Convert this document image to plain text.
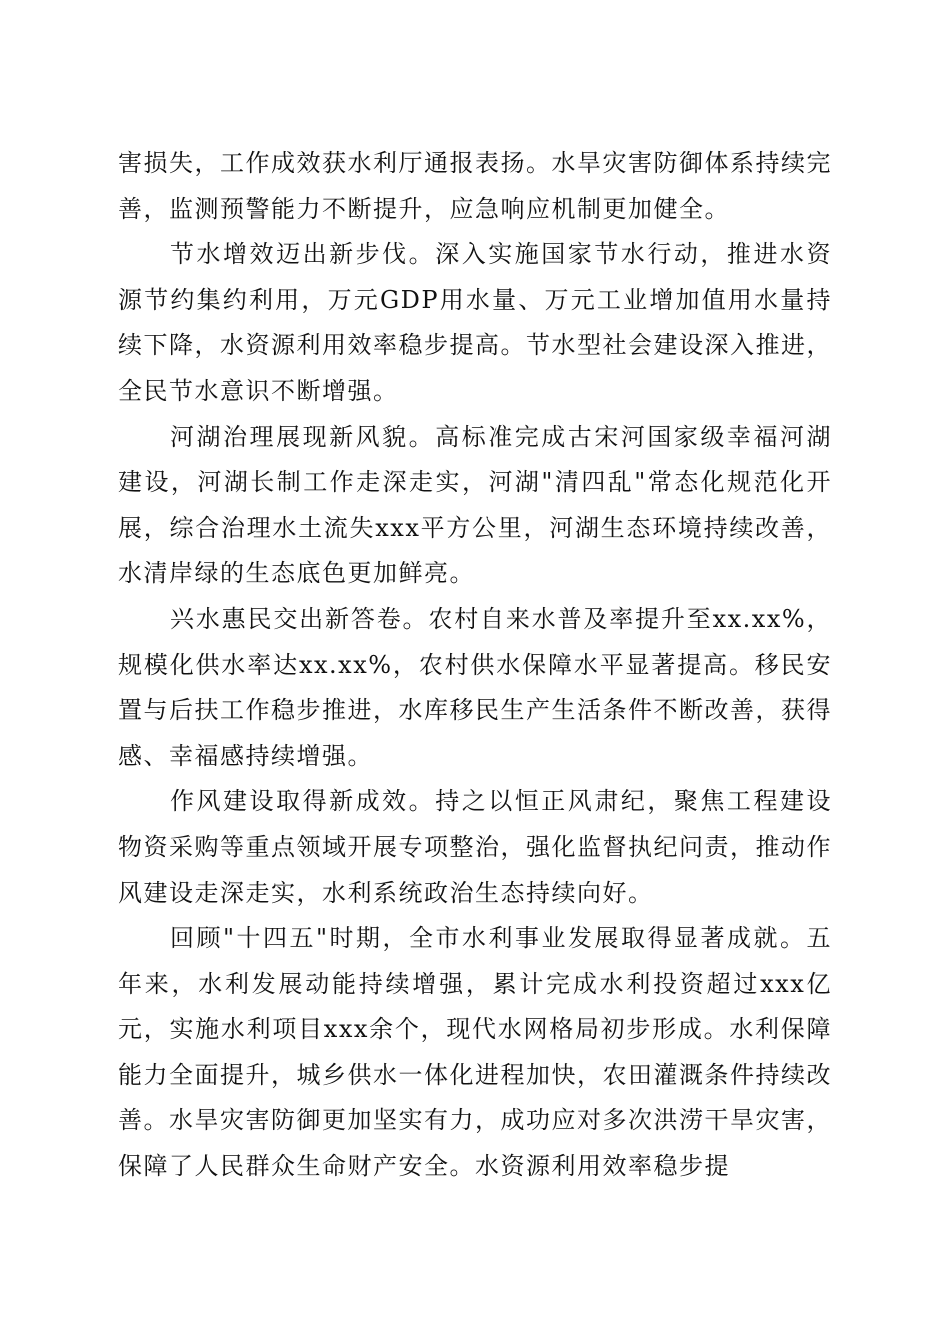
害损失，工作成效获水利厅通报表扬。水旱灾害防御体系持续完善，监测预警能力不断提升，应急响应机制更加健全。

节水增效迈出新步伐。深入实施国家节水行动，推进水资源节约集约利用，万元GDP用水量、万元工业增加值用水量持续下降，水资源利用效率稳步提高。节水型社会建设深入推进，全民节水意识不断增强。

河湖治理展现新风貌。高标准完成古宋河国家级幸福河湖建设，河湖长制工作走深走实，河湖"清四乱"常态化规范化开展，综合治理水土流失xxx平方公里，河湖生态环境持续改善，水清岸绿的生态底色更加鲜亮。

兴水惠民交出新答卷。农村自来水普及率提升至xx.xx%，规模化供水率达xx.xx%，农村供水保障水平显著提高。移民安置与后扶工作稳步推进，水库移民生产生活条件不断改善，获得感、幸福感持续增强。

作风建设取得新成效。持之以恒正风肃纪，聚焦工程建设物资采购等重点领域开展专项整治，强化监督执纪问责，推动作风建设走深走实，水利系统政治生态持续向好。

回顾"十四五"时期，全市水利事业发展取得显著成就。五年来，水利发展动能持续增强，累计完成水利投资超过xxx亿元，实施水利项目xxx余个，现代水网格局初步形成。水利保障能力全面提升，城乡供水一体化进程加快，农田灌溉条件持续改善。水旱灾害防御更加坚实有力，成功应对多次洪涝干旱灾害，保障了人民群众生命财产安全。水资源利用效率稳步提
